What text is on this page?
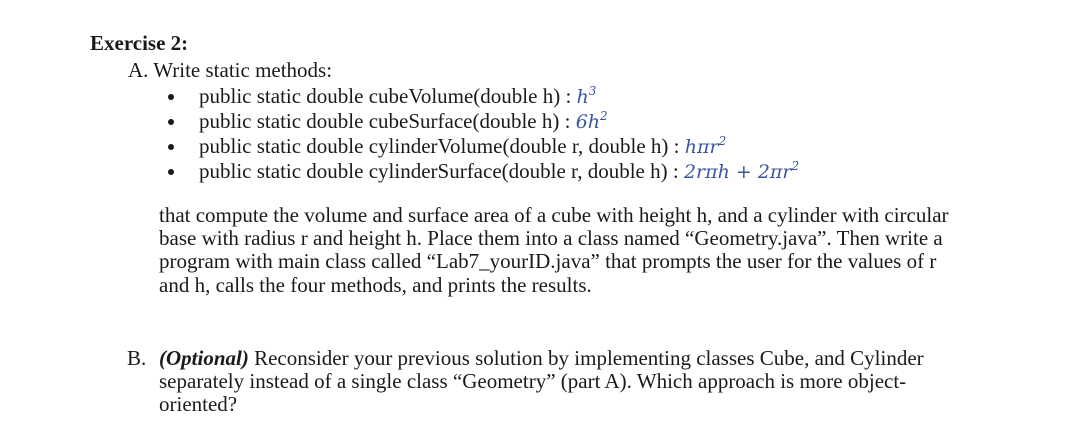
Exercise 2:
A. Write static methods:
public static double cubeVolume(double h) : $h^3$
public static double cubeSurface(double h) : $6h^2$
public static double cylinderVolume(double r, double h) : hπr$^2$
public static double cylinderSurface(double r, double h) : $2r\pi h + 2\pi r^2$

that compute the volume and surface area of a cube with height h, and a cylinder with circular base with radius r and height h. Place them into a class named “Geometry.java”. Then write a program with main class called “Lab7_yourID.java” that prompts the user for the values of r and h, calls the four methods, and prints the results.

B. (Optional) Reconsider your previous solution by implementing classes Cube, and Cylinder separately instead of a single class “Geometry” (part A). Which approach is more object-oriented?
